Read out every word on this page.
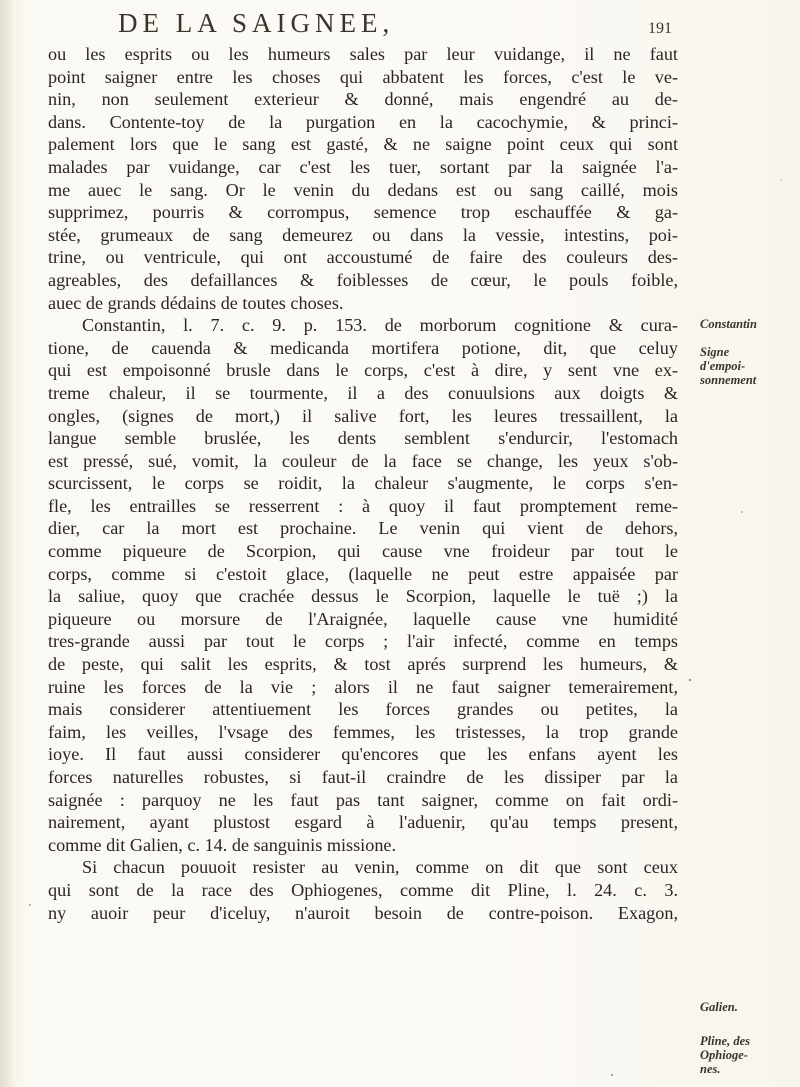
DE LA SAIGNEE,	191
ou les esprits ou les humeurs sales par leur vuidange, il ne faut
point saigner entre les choses qui abbatent les forces, c'est le ve-
nin, non seulement exterieur & donné, mais engendré au de-
dans. Contente-toy de la purgation en la cacochymie, & princi-
palement lors que le sang est gasté, & ne saigne point ceux qui sont
malades par vuidange, car c'est les tuer, sortant par la saignée l'a-
me auec le sang. Or le venin du dedans est ou sang caillé, mois
supprimez, pourris & corrompus, semence trop eschauffée & ga-
stée, grumeaux de sang demeurez ou dans la vessie, intestins, poi-
trine, ou ventricule, qui ont accoustumé de faire des couleurs des-
agreables, des defaillances & foiblesses de cœur, le pouls foible,
auec de grands dédains de toutes choses.
Constantin, l. 7. c. 9. p. 153. de morborum cognitione & cura-
tione, de cauenda & medicanda mortifera potione, dit, que celuy
qui est empoisonné brusle dans le corps, c'est à dire, y sent vne ex-
treme chaleur, il se tourmente, il a des conuulsions aux doigts &
ongles, (signes de mort,) il salive fort, les leures tressaillent, la
langue semble bruslée, les dents semblent s'endurcir, l'estomach
est pressé, sué, vomit, la couleur de la face se change, les yeux s'ob-
scurcissent, le corps se roidit, la chaleur s'augmente, le corps s'en-
fle, les entrailles se resserrent : à quoy il faut promptement reme-
dier, car la mort est prochaine. Le venin qui vient de dehors,
comme piqueure de Scorpion, qui cause vne froideur par tout le
corps, comme si c'estoit glace, (laquelle ne peut estre appaisée par
la saliue, quoy que crachée dessus le Scorpion, laquelle le tuë ;) la
piqueure ou morsure de l'Araignée, laquelle cause vne humidité
tres-grande aussi par tout le corps ; l'air infecté, comme en temps
de peste, qui salit les esprits, & tost aprés surprend les humeurs, &
ruine les forces de la vie ; alors il ne faut saigner temerairement,
mais considerer attentiuement les forces grandes ou petites, la
faim, les veilles, l'vsage des femmes, les tristesses, la trop grande
ioye. Il faut aussi considerer qu'encores que les enfans ayent les
forces naturelles robustes, si faut-il craindre de les dissiper par la
saignée : parquoy ne les faut pas tant saigner, comme on fait ordi-
nairement, ayant plustost esgard à l'aduenir, qu'au temps present,
comme dit Galien, c. 14. de sanguinis missione.
Si chacun pouuoit resister au venin, comme on dit que sont ceux
qui sont de la race des Ophiogenes, comme dit Pline, l. 24. c. 3.
ny auoir peur d'iceluy, n'auroit besoin de contre-poison. Exagon,
Constantin
Signe
d'empoi-
sonnement
Galien.
Pline, des
Ophioge-
nes.
